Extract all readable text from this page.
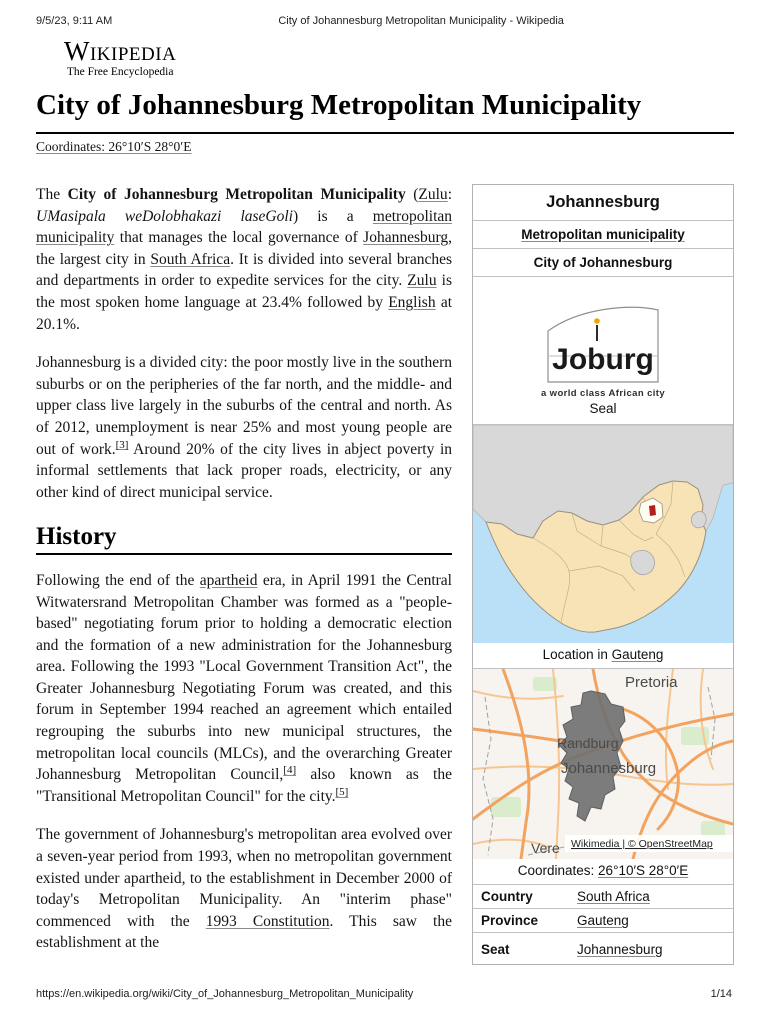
9/5/23, 9:11 AM	City of Johannesburg Metropolitan Municipality - Wikipedia
Wikipedia
The Free Encyclopedia
City of Johannesburg Metropolitan Municipality
Coordinates: 26°10′S 28°0′E

The City of Johannesburg Metropolitan Municipality (Zulu: UMasipala weDolobhakazi laseGoli) is a metropolitan municipality that manages the local governance of Johannesburg, the largest city in South Africa. It is divided into several branches and departments in order to expedite services for the city. Zulu is the most spoken home language at 23.4% followed by English at 20.1%.

Johannesburg is a divided city: the poor mostly live in the southern suburbs or on the peripheries of the far north, and the middle- and upper class live largely in the suburbs of the central and north. As of 2012, unemployment is near 25% and most young people are out of work.[3] Around 20% of the city lives in abject poverty in informal settlements that lack proper roads, electricity, or any other kind of direct municipal service.

History

Following the end of the apartheid era, in April 1991 the Central Witwatersrand Metropolitan Chamber was formed as a "people-based" negotiating forum prior to holding a democratic election and the formation of a new administration for the Johannesburg area. Following the 1993 "Local Government Transition Act", the Greater Johannesburg Negotiating Forum was created, and this forum in September 1994 reached an agreement which entailed regrouping the suburbs into new municipal structures, the metropolitan local councils (MLCs), and the overarching Greater Johannesburg Metropolitan Council,[4] also known as the "Transitional Metropolitan Council" for the city.[5]

The government of Johannesburg's metropolitan area evolved over a seven-year period from 1993, when no metropolitan government existed under apartheid, to the establishment in December 2000 of today's Metropolitan Municipality. An "interim phase" commenced with the 1993 Constitution. This saw the establishment at the

Johannesburg
Metropolitan municipality
City of Johannesburg
Joburg
a world class African city
Seal
Location in Gauteng
Pretoria
Randburg
Johannesburg
Vere Wikimedia | © OpenStreetMap
Coordinates: 26°10′S 28°0′E
Country	South Africa
Province	Gauteng
Seat	Johannesburg
https://en.wikipedia.org/wiki/City_of_Johannesburg_Metropolitan_Municipality	1/14
